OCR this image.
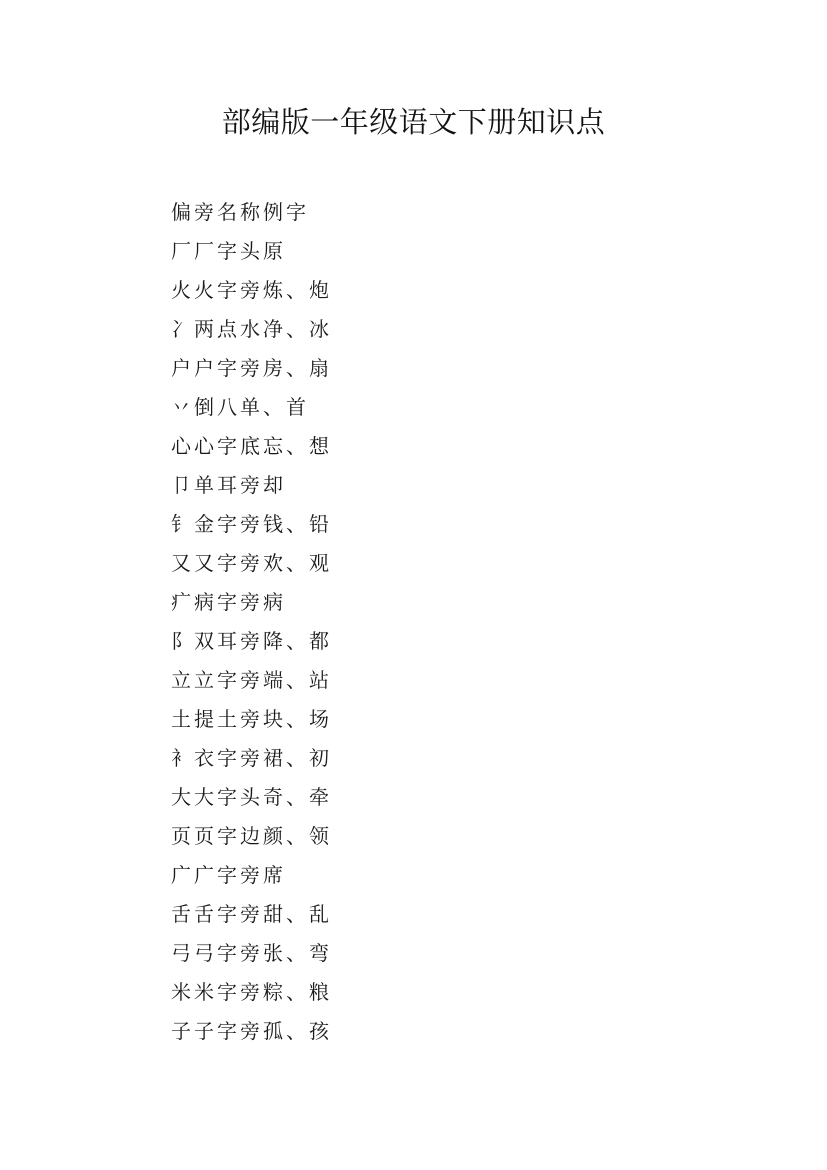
部编版一年级语文下册知识点
偏旁名称例字
厂厂字头原
火火字旁炼、炮
冫两点水净、冰
户户字旁房、扇
丷倒八单、首
心心字底忘、想
卩单耳旁却
钅金字旁钱、铅
又又字旁欢、观
疒病字旁病
阝双耳旁降、都
立立字旁端、站
土提土旁块、场
衤衣字旁裙、初
大大字头奇、牵
页页字边颜、领
广广字旁席
舌舌字旁甜、乱
弓弓字旁张、弯
米米字旁粽、粮
子子字旁孤、孩
